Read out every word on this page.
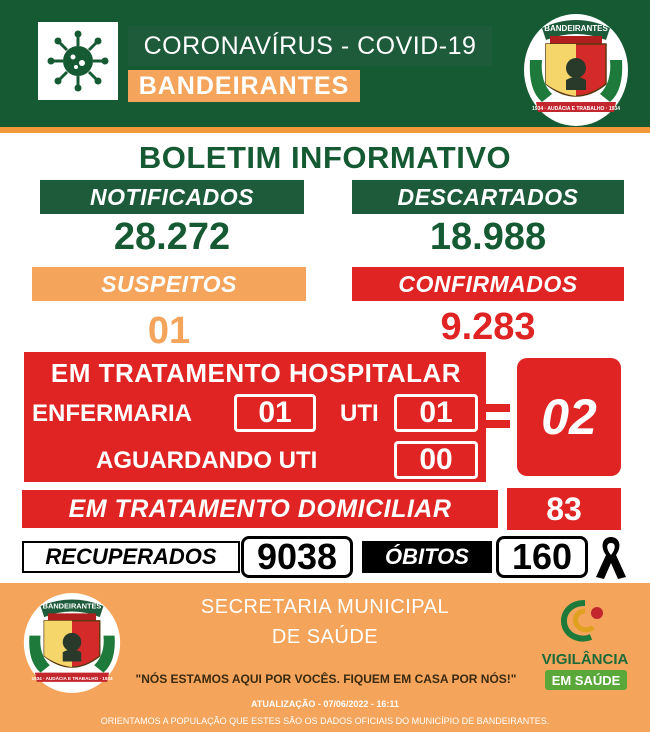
CORONAVÍRUS - COVID-19
BANDEIRANTES
BANDEIRANTES
1934 · AUDÁCIA E TRABALHO · 1934
BOLETIM INFORMATIVO
NOTIFICADOS
28.272
DESCARTADOS
18.988
SUSPEITOS
01
CONFIRMADOS
9.283
EM TRATAMENTO HOSPITALAR
ENFERMARIA	01	UTI	01
AGUARDANDO UTI	00
02
EM TRATAMENTO DOMICILIAR	83
RECUPERADOS	9038	ÓBITOS	160
BANDEIRANTES
1934 · AUDÁCIA E TRABALHO · 1934
SECRETARIA MUNICIPAL
DE SAÚDE
"NÓS ESTAMOS AQUI POR VOCÊS. FIQUEM EM CASA POR NÓS!"
ATUALIZAÇÃO - 07/06/2022 - 16:11
ORIENTAMOS A POPULAÇÃO QUE ESTES SÃO OS DADOS OFICIAIS DO MUNICÍPIO DE BANDEIRANTES.
VIGILÂNCIA
EM SAÚDE
